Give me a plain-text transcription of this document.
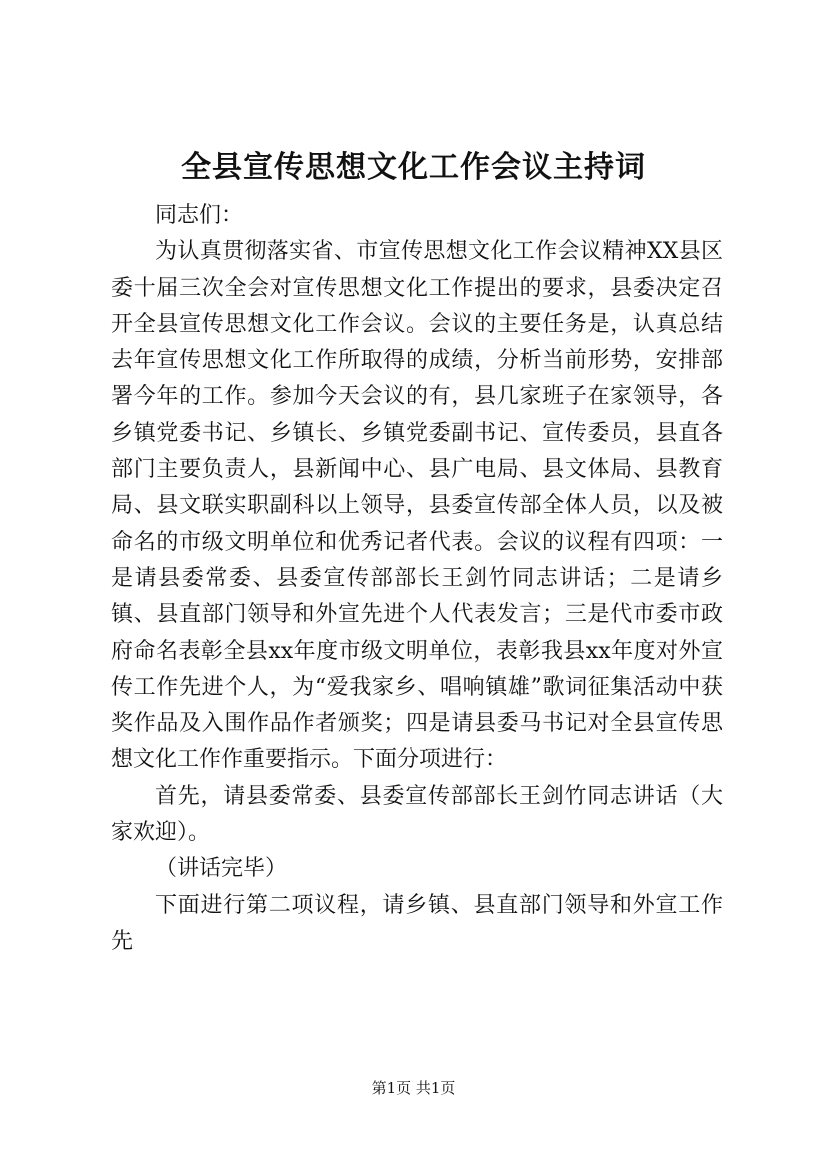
全县宣传思想文化工作会议主持词

同志们：

为认真贯彻落实省、市宣传思想文化工作会议精神XX县区委十届三次全会对宣传思想文化工作提出的要求，县委决定召开全县宣传思想文化工作会议。会议的主要任务是，认真总结去年宣传思想文化工作所取得的成绩，分析当前形势，安排部署今年的工作。参加今天会议的有，县几家班子在家领导，各乡镇党委书记、乡镇长、乡镇党委副书记、宣传委员，县直各部门主要负责人，县新闻中心、县广电局、县文体局、县教育局、县文联实职副科以上领导，县委宣传部全体人员，以及被命名的市级文明单位和优秀记者代表。会议的议程有四项：一是请县委常委、县委宣传部部长王剑竹同志讲话；二是请乡镇、县直部门领导和外宣先进个人代表发言；三是代市委市政府命名表彰全县xx年度市级文明单位，表彰我县xx年度对外宣传工作先进个人，为“爱我家乡、唱响镇雄”歌词征集活动中获奖作品及入围作品作者颁奖；四是请县委马书记对全县宣传思想文化工作作重要指示。下面分项进行：

首先，请县委常委、县委宣传部部长王剑竹同志讲话（大家欢迎）。

（讲话完毕）

下面进行第二项议程，请乡镇、县直部门领导和外宣工作先

第1页 共1页
